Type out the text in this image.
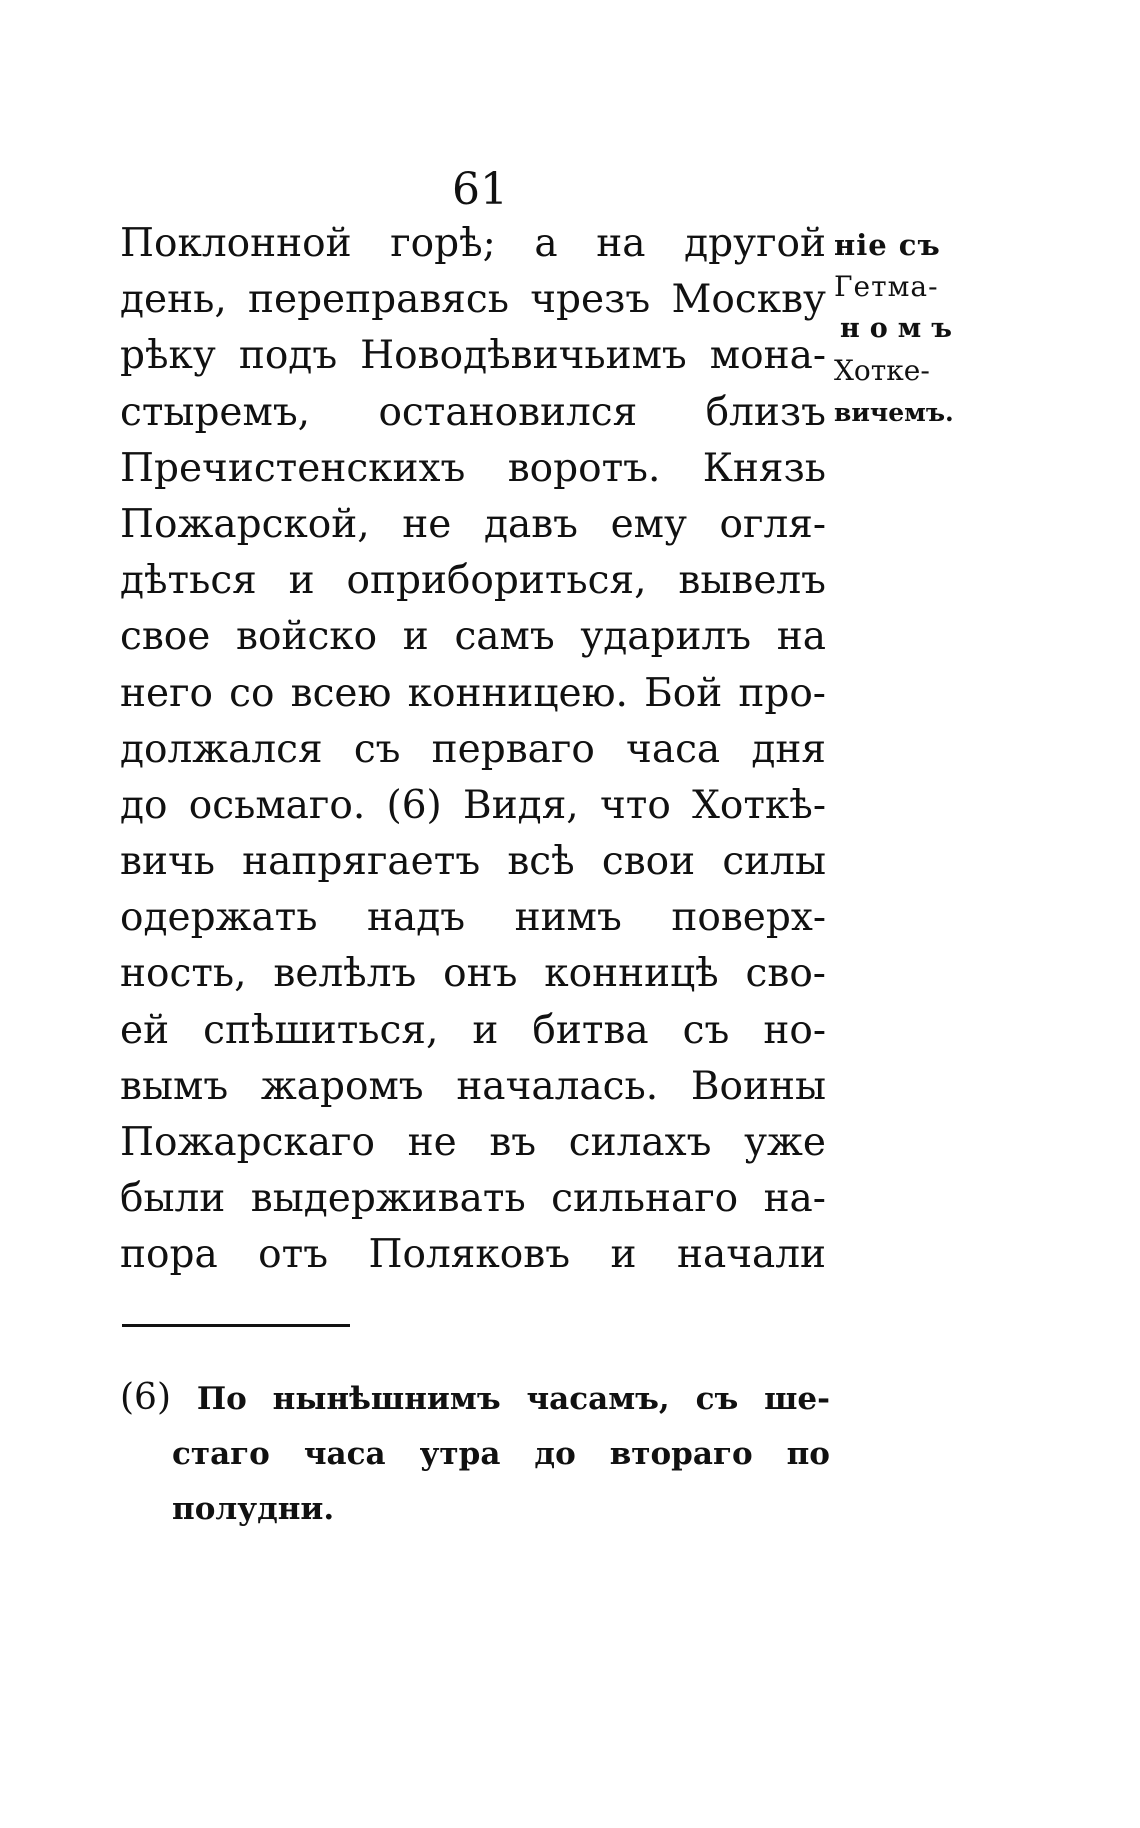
61
Поклонной горѣ; а на другой
день, переправясь чрезъ Москву
рѣку подъ Новодѣвичьимъ мона-
стыремъ, остановился близъ
Пречистенскихъ воротъ. Князь
Пожарской, не давъ ему огля-
дѣться и оприбориться, вывелъ
свое войско и самъ ударилъ на
него со всею конницею. Бой про-
должался съ перваго часа дня
до осьмаго. (6) Видя, что Хоткѣ-
вичь напрягаетъ всѣ свои силы
одержать надъ нимъ поверх-
ность, велѣлъ онъ конницѣ сво-
ей спѣшиться, и битва съ но-
вымъ жаромъ началась. Воины
Пожарскаго не въ силахъ уже
были выдерживать сильнаго на-
пора отъ Поляковъ и начали
ніе съ
Гетма-
номъ
Хотке-
вичемъ.
(6) По нынѣшнимъ часамъ, съ ше-
стаго часа утра до втораго по
полудни.
